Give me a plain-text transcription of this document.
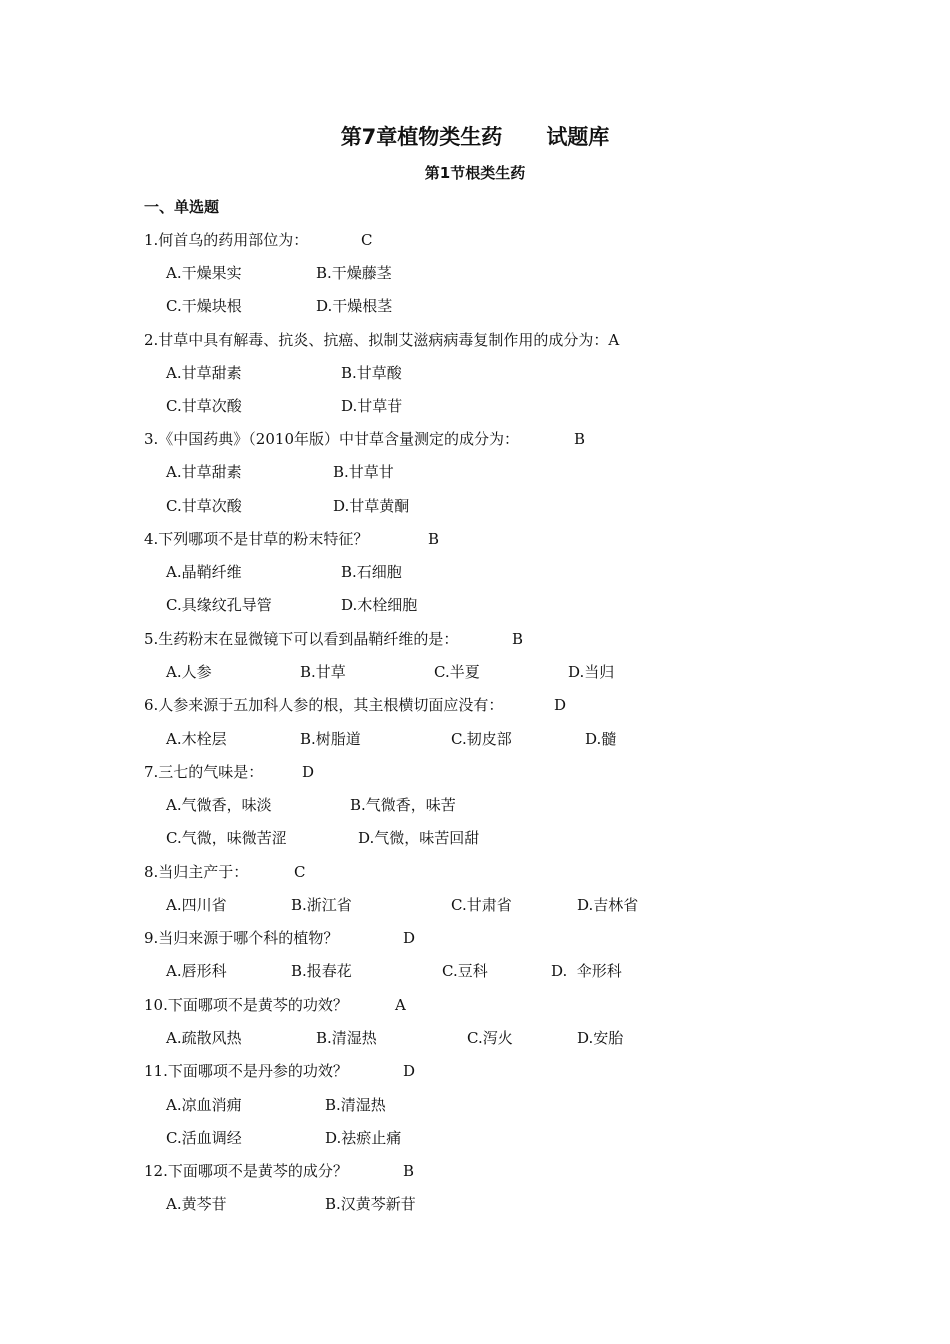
第7章植物类生药 试题库
第1节根类生药
一、单选题
1.何首乌的药用部位为：	C
A.干燥果实	B.干燥藤茎
C.干燥块根	D.干燥根茎
2.甘草中具有解毒、抗炎、抗癌、拟制艾滋病病毒复制作用的成分为：A
A.甘草甜素	B.甘草酸
C.甘草次酸	D.甘草苷
3.《中国药典》（2010年版）中甘草含量测定的成分为：	B
A.甘草甜素	B.甘草甘
C.甘草次酸	D.甘草黄酮
4.下列哪项不是甘草的粉末特征？	B
A.晶鞘纤维	B.石细胞
C.具缘纹孔导管	D.木栓细胞
5.生药粉末在显微镜下可以看到晶鞘纤维的是：	B
A.人参	B.甘草	C.半夏	D.当归
6.人参来源于五加科人参的根，其主根横切面应没有：	D
A.木栓层	B.树脂道	C.韧皮部	D.髓
7.三七的气味是：	D
A.气微香，味淡	B.气微香，味苦
C.气微，味微苦涩	D.气微，味苦回甜
8.当归主产于：	C
A.四川省	B.浙江省	C.甘肃省	D.吉林省
9.当归来源于哪个科的植物？	D
A.唇形科	B.报春花	C.豆科	D.  伞形科
10.下面哪项不是黄芩的功效？	A
A.疏散风热	B.清湿热	C.泻火	D.安胎
11.下面哪项不是丹参的功效？	D
A.凉血消痈	B.清湿热
C.活血调经	D.祛瘀止痛
12.下面哪项不是黄芩的成分？	B
A.黄芩苷	B.汉黄芩新苷
